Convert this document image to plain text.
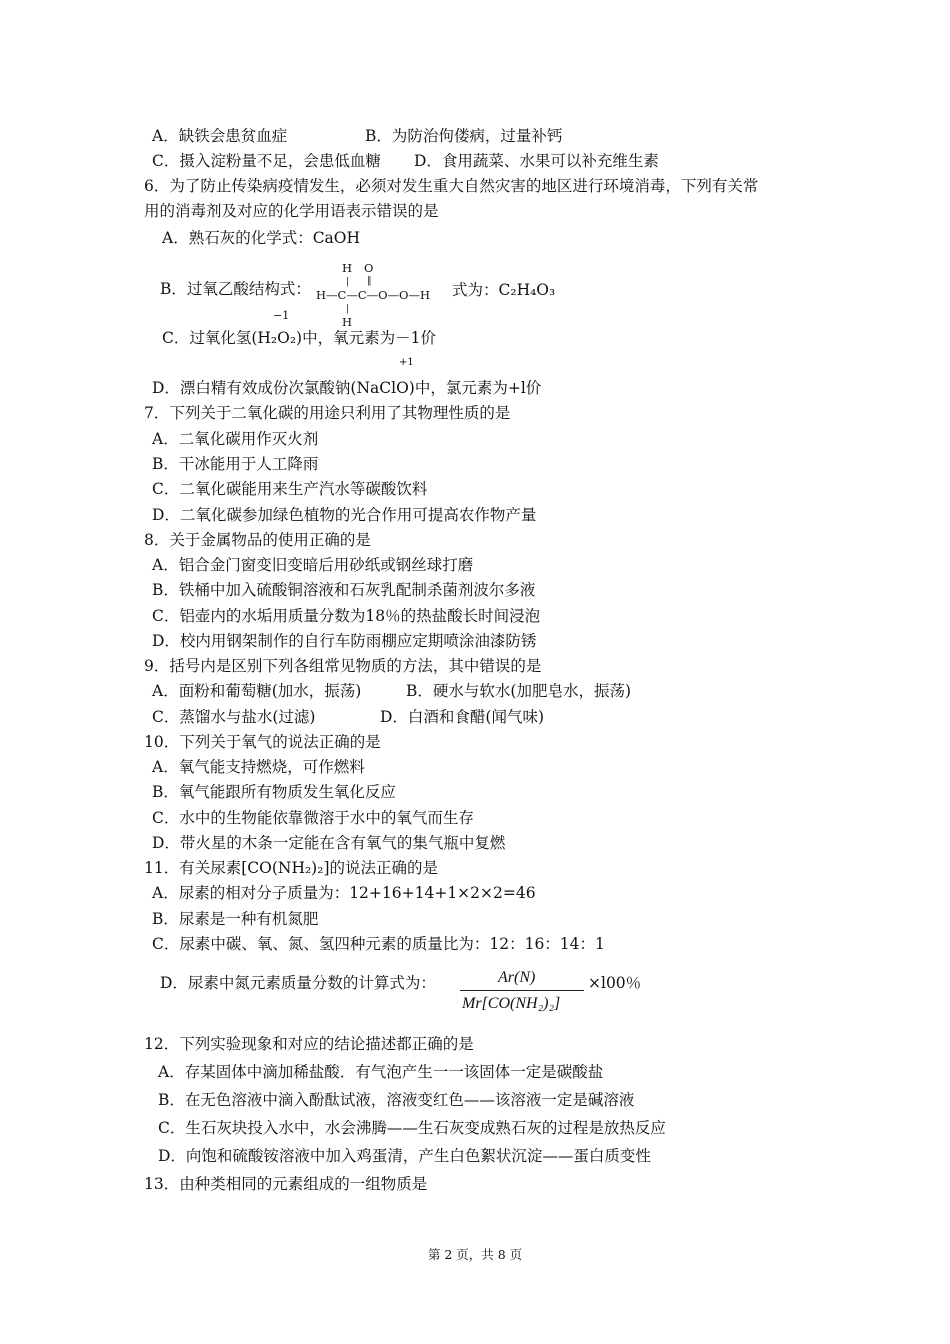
A．缺铁会患贫血症	B．为防治佝偻病，过量补钙
C．摄入淀粉量不足，会患低血糖 D．食用蔬菜、水果可以补充维生素
6．为了防止传染病疫情发生，必须对发生重大自然灾害的地区进行环境消毒，下列有关常
用的消毒剂及对应的化学用语表示错误的是
A．熟石灰的化学式：CaOH
B．过氧乙酸结构式：
H O
| ‖
H—C—C—O—O—H
|
H
式为：C₂H₄O₃
−1
C．过氧化氢(H₂O₂)中，氧元素为－1价
+1
D．漂白精有效成份次氯酸钠(NaClO)中，氯元素为+l价
7．下列关于二氧化碳的用途只利用了其物理性质的是
A．二氧化碳用作灭火剂
B．干冰能用于人工降雨
C．二氧化碳能用来生产汽水等碳酸饮料
D．二氧化碳参加绿色植物的光合作用可提高农作物产量
8．关于金属物品的使用正确的是
A．铝合金门窗变旧变暗后用砂纸或钢丝球打磨
B．铁桶中加入硫酸铜溶液和石灰乳配制杀菌剂波尔多液
C．铝壶内的水垢用质量分数为18％的热盐酸长时间浸泡
D．校内用钢架制作的自行车防雨棚应定期喷涂油漆防锈
9．括号内是区别下列各组常见物质的方法，其中错误的是
A．面粉和葡萄糖(加水，振荡)	B．硬水与软水(加肥皂水，振荡)
C．蒸馏水与盐水(过滤)	D．白酒和食醋(闻气味)
10．下列关于氧气的说法正确的是
A．氧气能支持燃烧，可作燃料
B．氧气能跟所有物质发生氧化反应
C．水中的生物能依靠微溶于水中的氧气而生存
D．带火星的木条一定能在含有氧气的集气瓶中复燃
11．有关尿素[CO(NH₂)₂]的说法正确的是
A．尿素的相对分子质量为：12+16+14+1×2×2=46
B．尿素是一种有机氮肥
C．尿素中碳、氧、氮、氢四种元素的质量比为：12：16：14：1
D．尿素中氮元素质量分数的计算式为：	Ar(N)
Mr[CO(NH₂)₂]
×l00％
12．下列实验现象和对应的结论描述都正确的是
A．存某固体中滴加稀盐酸．有气泡产生一一该固体一定是碳酸盐
B．在无色溶液中滴入酚酞试液，溶液变红色——该溶液一定是碱溶液
C．生石灰块投入水中，水会沸腾——生石灰变成熟石灰的过程是放热反应
D．向饱和硫酸铵溶液中加入鸡蛋清，产生白色絮状沉淀——蛋白质变性
13．由种类相同的元素组成的一组物质是
第 2 页，共 8 页
